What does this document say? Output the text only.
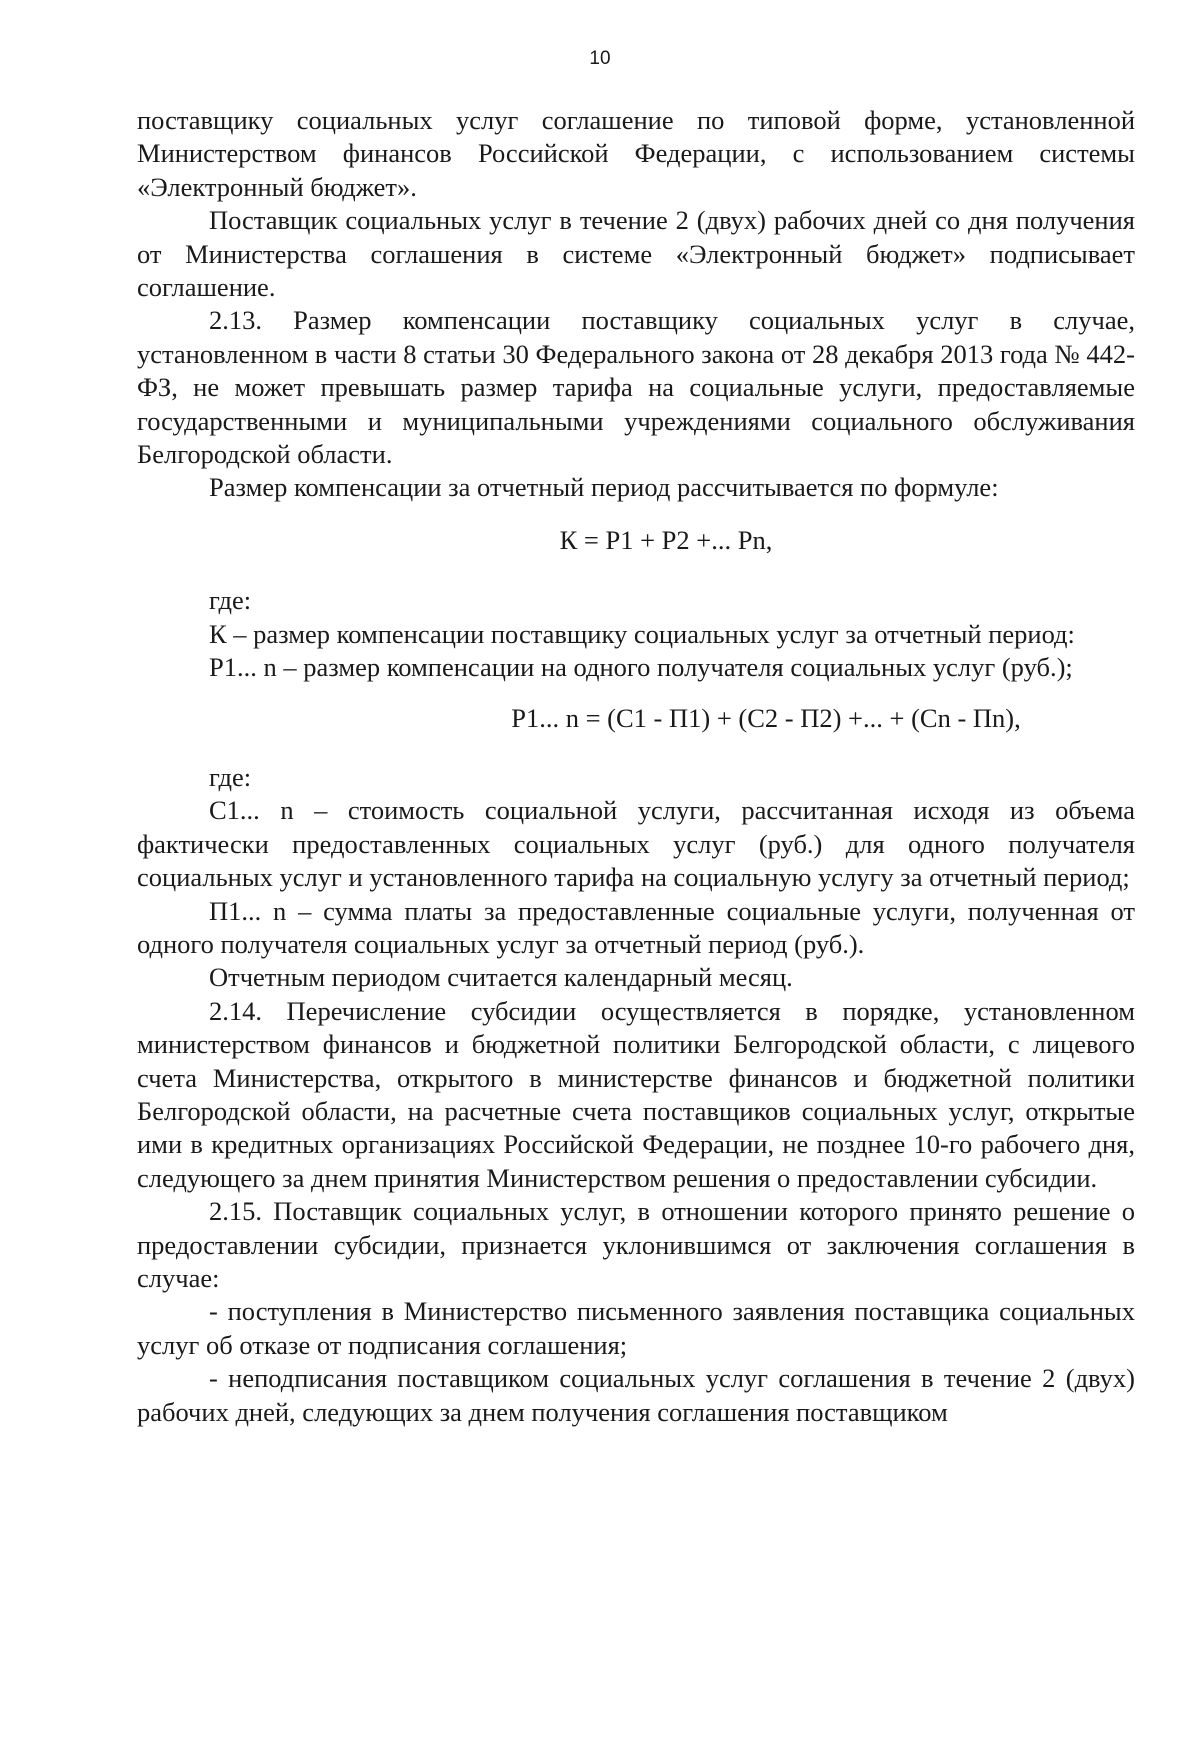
10

поставщику социальных услуг соглашение по типовой форме, установленной Министерством финансов Российской Федерации, с использованием системы «Электронный бюджет».

Поставщик социальных услуг в течение 2 (двух) рабочих дней со дня получения от Министерства соглашения в системе «Электронный бюджет» подписывает соглашение.

2.13. Размер компенсации поставщику социальных услуг в случае, установленном в части 8 статьи 30 Федерального закона от 28 декабря 2013 года № 442-ФЗ, не может превышать размер тарифа на социальные услуги, предоставляемые государственными и муниципальными учреждениями социального обслуживания Белгородской области.

Размер компенсации за отчетный период рассчитывается по формуле:

К = Р1 + Р2 +... Рn,

где:

К – размер компенсации поставщику социальных услуг за отчетный период:

Р1... n – размер компенсации на одного получателя социальных услуг (руб.);

Р1... n = (С1 - П1) + (С2 - П2) +... + (Сn - Пn),

где:

С1... n – стоимость социальной услуги, рассчитанная исходя из объема фактически предоставленных социальных услуг (руб.) для одного получателя социальных услуг и установленного тарифа на социальную услугу за отчетный период;

П1... n – сумма платы за предоставленные социальные услуги, полученная от одного получателя социальных услуг за отчетный период (руб.).

Отчетным периодом считается календарный месяц.

2.14. Перечисление субсидии осуществляется в порядке, установленном министерством финансов и бюджетной политики Белгородской области, с лицевого счета Министерства, открытого в министерстве финансов и бюджетной политики Белгородской области, на расчетные счета поставщиков социальных услуг, открытые ими в кредитных организациях Российской Федерации, не позднее 10-го рабочего дня, следующего за днем принятия Министерством решения о предоставлении субсидии.

2.15. Поставщик социальных услуг, в отношении которого принято решение о предоставлении субсидии, признается уклонившимся от заключения соглашения в случае:

- поступления в Министерство письменного заявления поставщика социальных услуг об отказе от подписания соглашения;

- неподписания поставщиком социальных услуг соглашения в течение 2 (двух) рабочих дней, следующих за днем получения соглашения поставщиком
